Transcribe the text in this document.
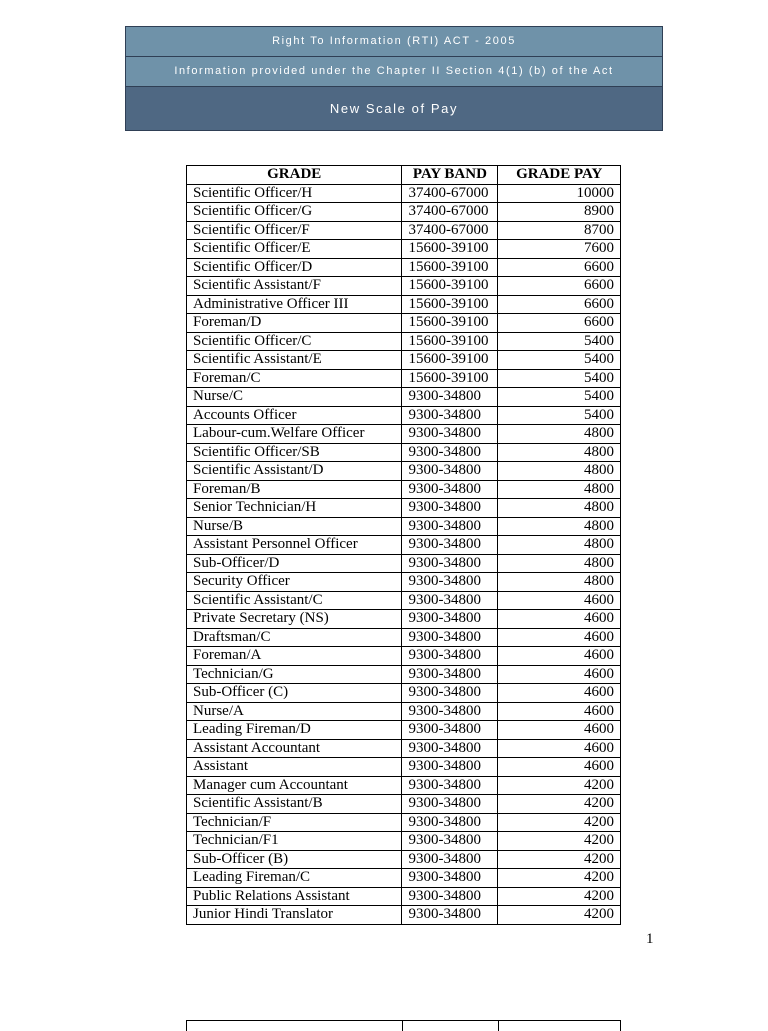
Right To Information (RTI) ACT - 2005
Information provided under the Chapter II Section 4(1) (b) of the Act
New Scale of Pay
GRADE	PAY BAND	GRADE PAY
Scientific Officer/H	37400-67000	10000
Scientific Officer/G	37400-67000	8900
Scientific Officer/F	37400-67000	8700
Scientific Officer/E	15600-39100	7600
Scientific Officer/D	15600-39100	6600
Scientific Assistant/F	15600-39100	6600
Administrative Officer III	15600-39100	6600
Foreman/D	15600-39100	6600
Scientific Officer/C	15600-39100	5400
Scientific Assistant/E	15600-39100	5400
Foreman/C	15600-39100	5400
Nurse/C	9300-34800	5400
Accounts Officer	9300-34800	5400
Labour-cum.Welfare Officer	9300-34800	4800
Scientific Officer/SB	9300-34800	4800
Scientific Assistant/D	9300-34800	4800
Foreman/B	9300-34800	4800
Senior Technician/H	9300-34800	4800
Nurse/B	9300-34800	4800
Assistant Personnel Officer	9300-34800	4800
Sub-Officer/D	9300-34800	4800
Security Officer	9300-34800	4800
Scientific Assistant/C	9300-34800	4600
Private Secretary (NS)	9300-34800	4600
Draftsman/C	9300-34800	4600
Foreman/A	9300-34800	4600
Technician/G	9300-34800	4600
Sub-Officer (C)	9300-34800	4600
Nurse/A	9300-34800	4600
Leading Fireman/D	9300-34800	4600
Assistant Accountant	9300-34800	4600
Assistant	9300-34800	4600
Manager cum Accountant	9300-34800	4200
Scientific Assistant/B	9300-34800	4200
Technician/F	9300-34800	4200
Technician/F1	9300-34800	4200
Sub-Officer (B)	9300-34800	4200
Leading Fireman/C	9300-34800	4200
Public Relations Assistant	9300-34800	4200
Junior Hindi Translator	9300-34800	4200
1
